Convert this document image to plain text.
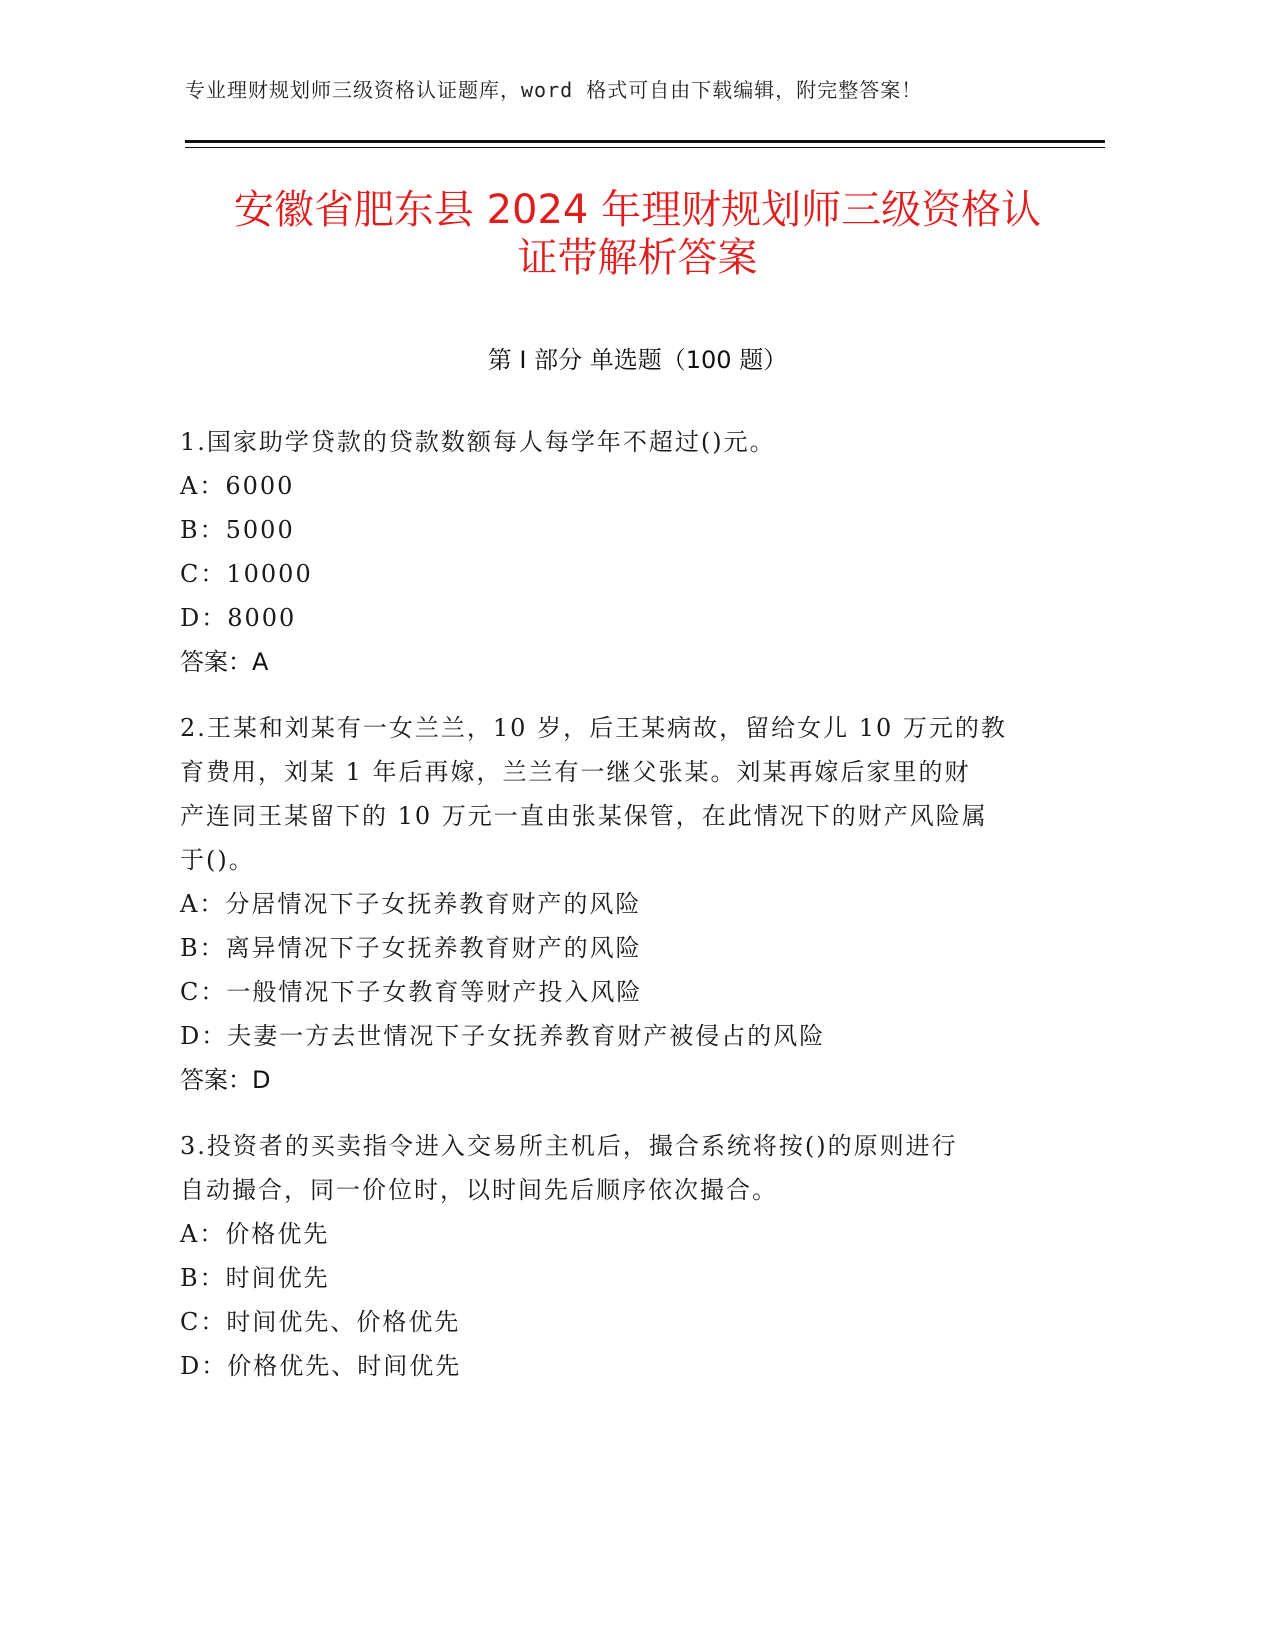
专业理财规划师三级资格认证题库，word 格式可自由下载编辑，附完整答案！
安徽省肥东县 2024 年理财规划师三级资格认
证带解析答案
第 I 部分 单选题（100 题）
1.国家助学贷款的贷款数额每人每学年不超过()元。
A：6000
B：5000
C：10000
D：8000
答案：A
2.王某和刘某有一女兰兰，10 岁，后王某病故，留给女儿 10 万元的教
育费用，刘某 1 年后再嫁，兰兰有一继父张某。刘某再嫁后家里的财
产连同王某留下的 10 万元一直由张某保管，在此情况下的财产风险属
于()。
A：分居情况下子女抚养教育财产的风险
B：离异情况下子女抚养教育财产的风险
C：一般情况下子女教育等财产投入风险
D：夫妻一方去世情况下子女抚养教育财产被侵占的风险
答案：D
3.投资者的买卖指令进入交易所主机后，撮合系统将按()的原则进行
自动撮合，同一价位时，以时间先后顺序依次撮合。
A：价格优先
B：时间优先
C：时间优先、价格优先
D：价格优先、时间优先
